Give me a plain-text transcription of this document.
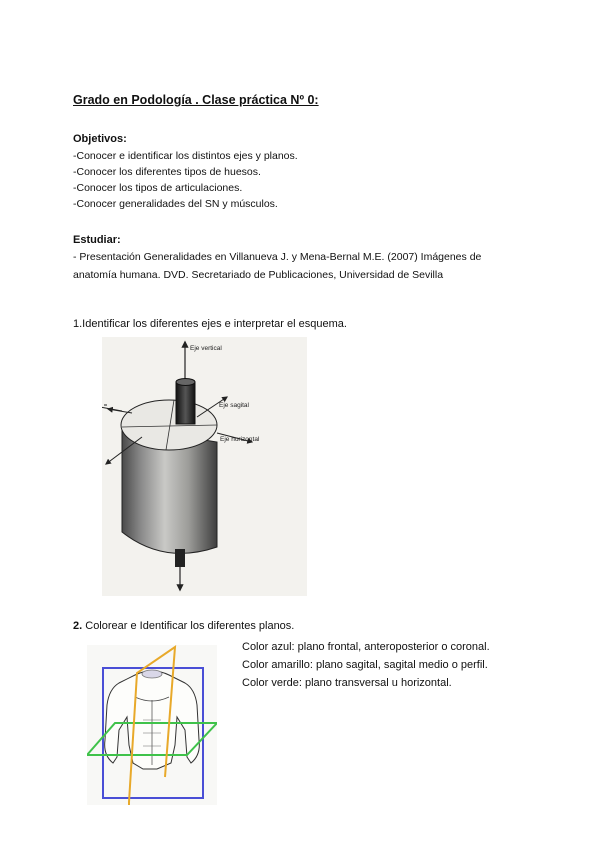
Grado en Podología . Clase práctica Nº 0:
Objetivos:
-Conocer e identificar los distintos ejes y planos.
-Conocer los diferentes tipos de huesos.
-Conocer los tipos de articulaciones.
-Conocer generalidades del SN y músculos.
Estudiar:
- Presentación Generalidades en Villanueva J. y Mena-Bernal M.E. (2007) Imágenes de
anatomía humana. DVD. Secretariado de Publicaciones, Universidad de Sevilla
1.Identificar los diferentes ejes e interpretar el esquema.
Eje vertical
Eje sagital
Eje horizontal
2. Colorear e Identificar los diferentes planos.
Color azul: plano frontal, anteroposterior o coronal.
Color amarillo: plano sagital, sagital medio o perfil.
Color verde: plano transversal u horizontal.
